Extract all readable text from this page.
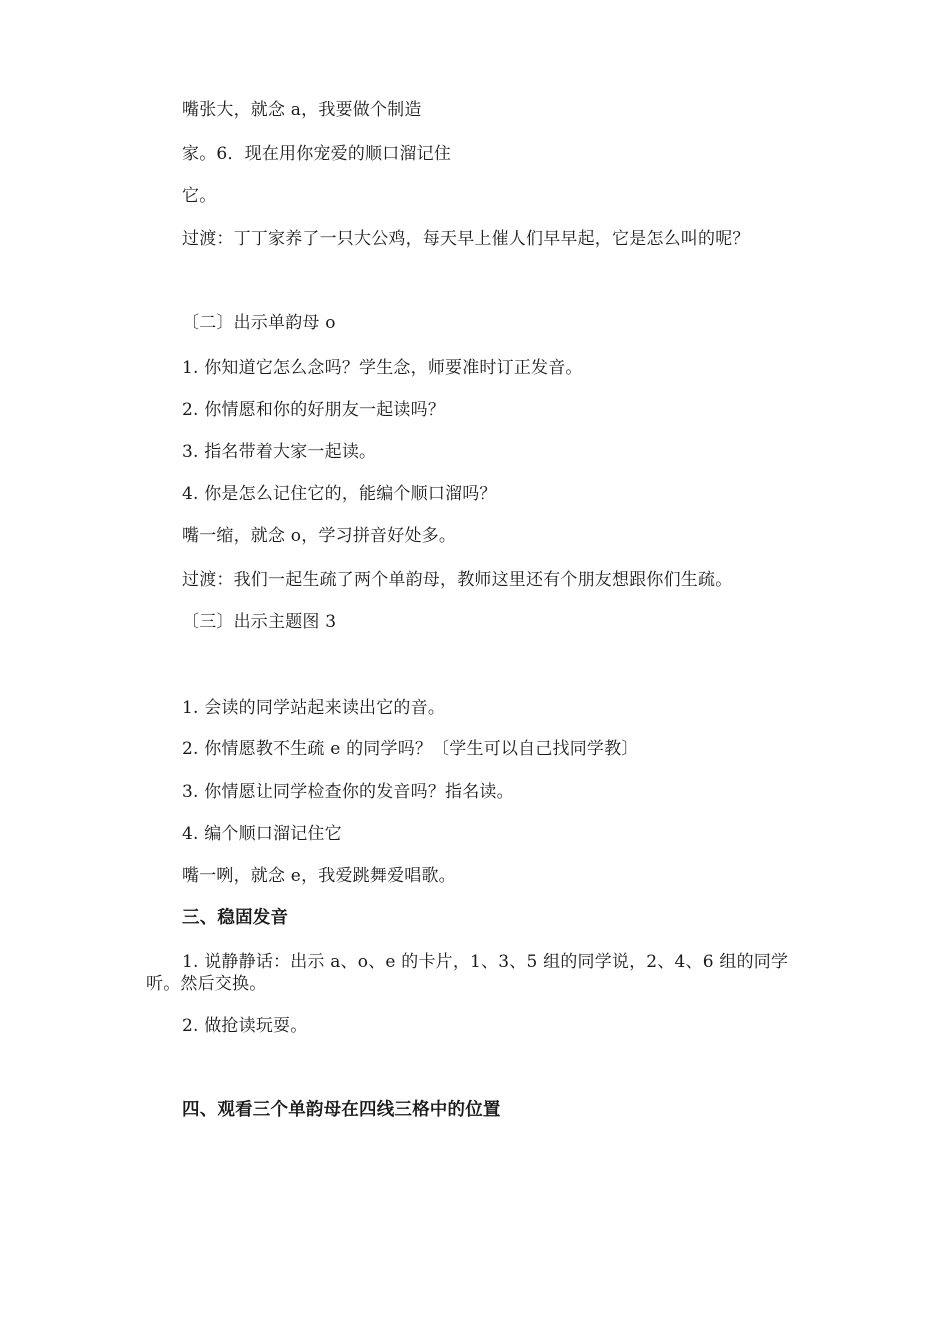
嘴张大，就念 a，我要做个制造
家。6．现在用你宠爱的顺口溜记住
它。
过渡：丁丁家养了一只大公鸡，每天早上催人们早早起，它是怎么叫的呢？
〔二〕出示单韵母 o
1. 你知道它怎么念吗？学生念，师要准时订正发音。
2. 你情愿和你的好朋友一起读吗？
3. 指名带着大家一起读。
4. 你是怎么记住它的，能编个顺口溜吗？
嘴一缩，就念 o，学习拼音好处多。
过渡：我们一起生疏了两个单韵母，教师这里还有个朋友想跟你们生疏。
〔三〕出示主题图 3
1. 会读的同学站起来读出它的音。
2. 你情愿教不生疏 e 的同学吗？〔学生可以自己找同学教〕
3. 你情愿让同学检查你的发音吗？指名读。
4. 编个顺口溜记住它
嘴一咧，就念 e，我爱跳舞爱唱歌。
三、稳固发音
1. 说静静话：出示 a、o、e 的卡片，1、3、5 组的同学说，2、4、6 组的同学听。然后交换。
2. 做抢读玩耍。
四、观看三个单韵母在四线三格中的位置
